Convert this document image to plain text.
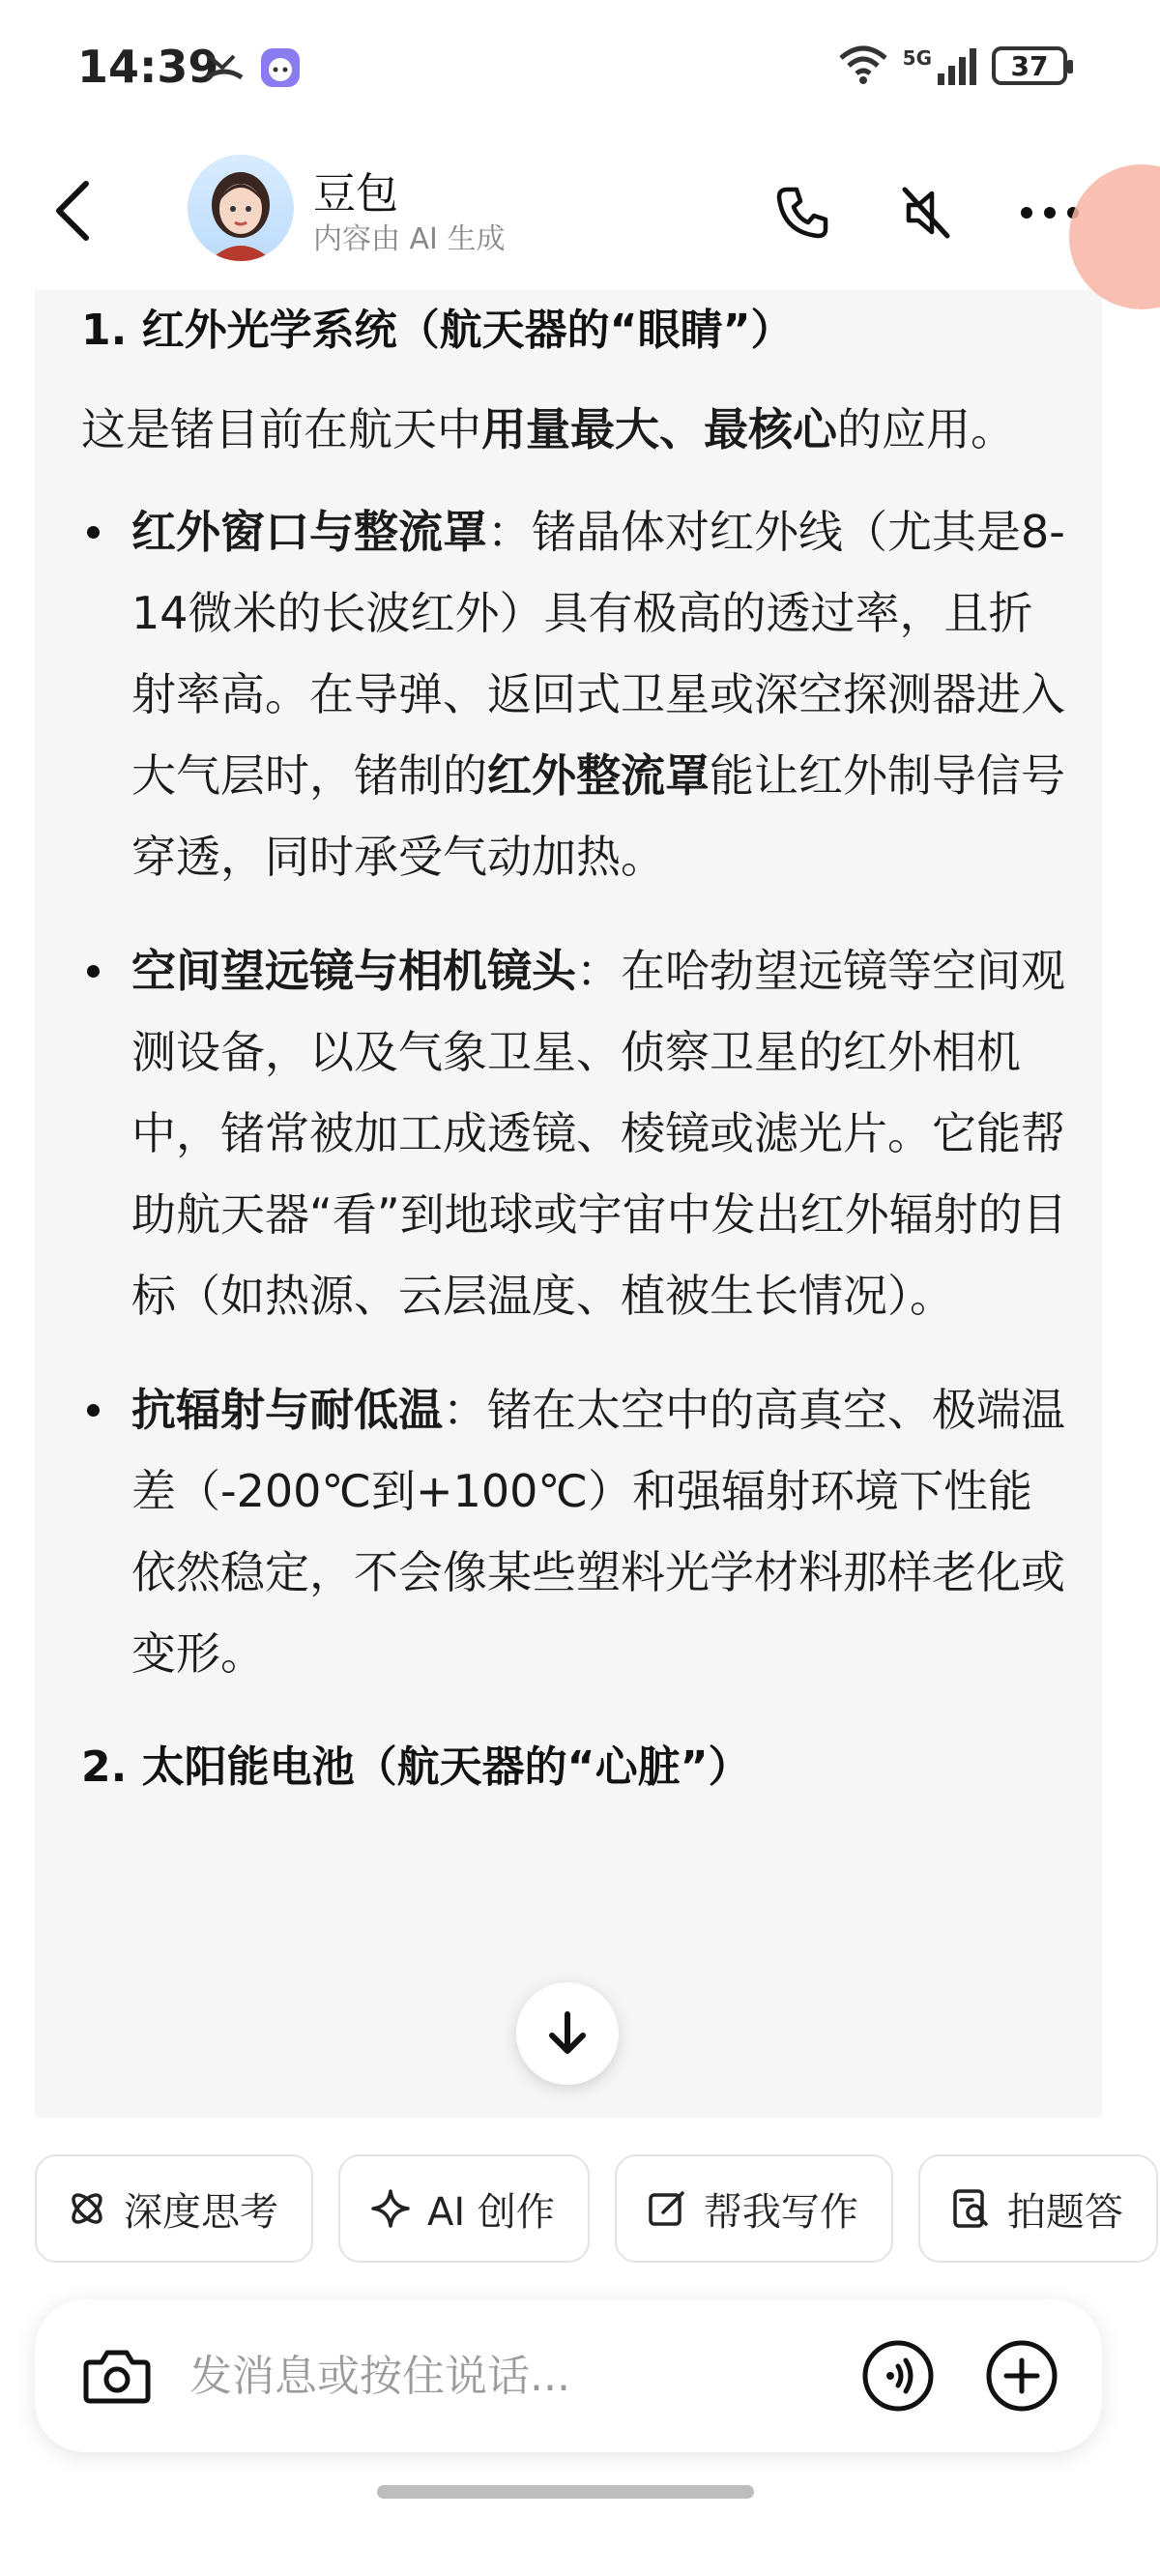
14:39	5G	37
豆包
内容由 AI 生成
1. 红外光学系统（航天器的“眼睛”）
这是锗目前在航天中用量最大、最核心的应用。
红外窗口与整流罩：锗晶体对红外线（尤其是8-14微米的长波红外）具有极高的透过率，且折射率高。在导弹、返回式卫星或深空探测器进入大气层时，锗制的红外整流罩能让红外制导信号穿透，同时承受气动加热。
空间望远镜与相机镜头：在哈勃望远镜等空间观测设备，以及气象卫星、侦察卫星的红外相机中，锗常被加工成透镜、棱镜或滤光片。它能帮助航天器“看”到地球或宇宙中发出红外辐射的目标（如热源、云层温度、植被生长情况）。
抗辐射与耐低温：锗在太空中的高真空、极端温差（-200℃到+100℃）和强辐射环境下性能依然稳定，不会像某些塑料光学材料那样老化或变形。
2. 太阳能电池（航天器的“心脏”）
深度思考	AI 创作	帮我写作	拍题答
发消息或按住说话...
